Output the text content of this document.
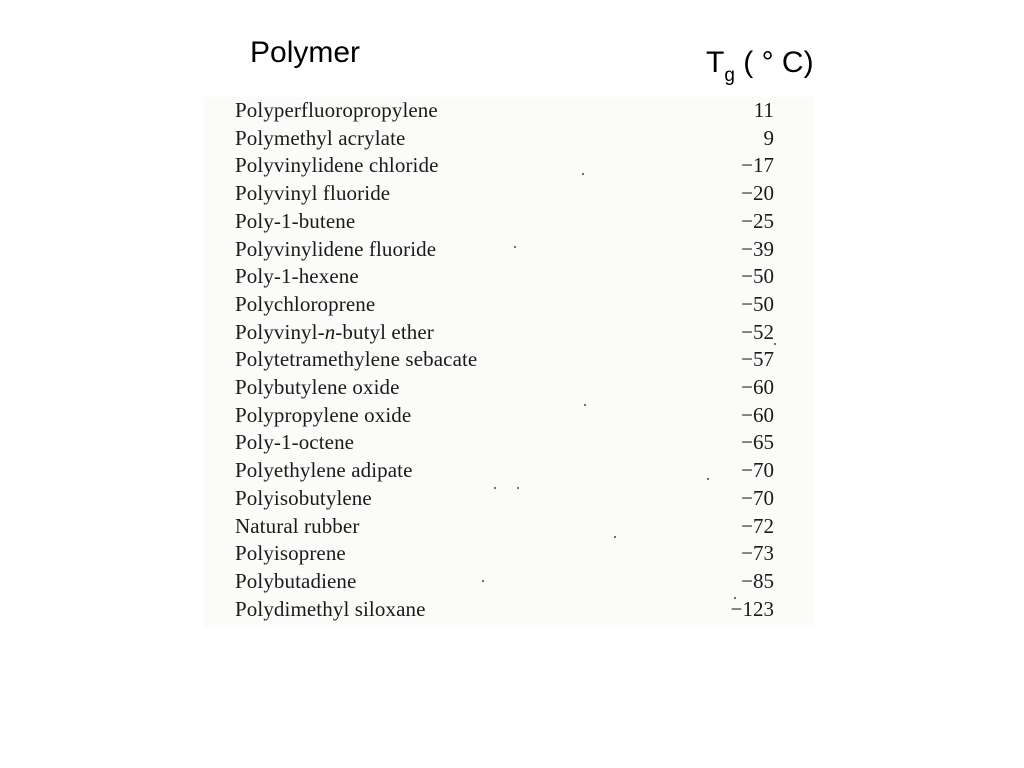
Polymer	$T_g$ ( ° C)
Polyperfluoropropylene	11
Polymethyl acrylate	9
Polyvinylidene chloride	−17
Polyvinyl fluoride	−20
Poly-1-butene	−25
Polyvinylidene fluoride	−39
Poly-1-hexene	−50
Polychloroprene	−50
Polyvinyl-n-butyl ether	−52
Polytetramethylene sebacate	−57
Polybutylene oxide	−60
Polypropylene oxide	−60
Poly-1-octene	−65
Polyethylene adipate	−70
Polyisobutylene	−70
Natural rubber	−72
Polyisoprene	−73
Polybutadiene	−85
Polydimethyl siloxane	−123
